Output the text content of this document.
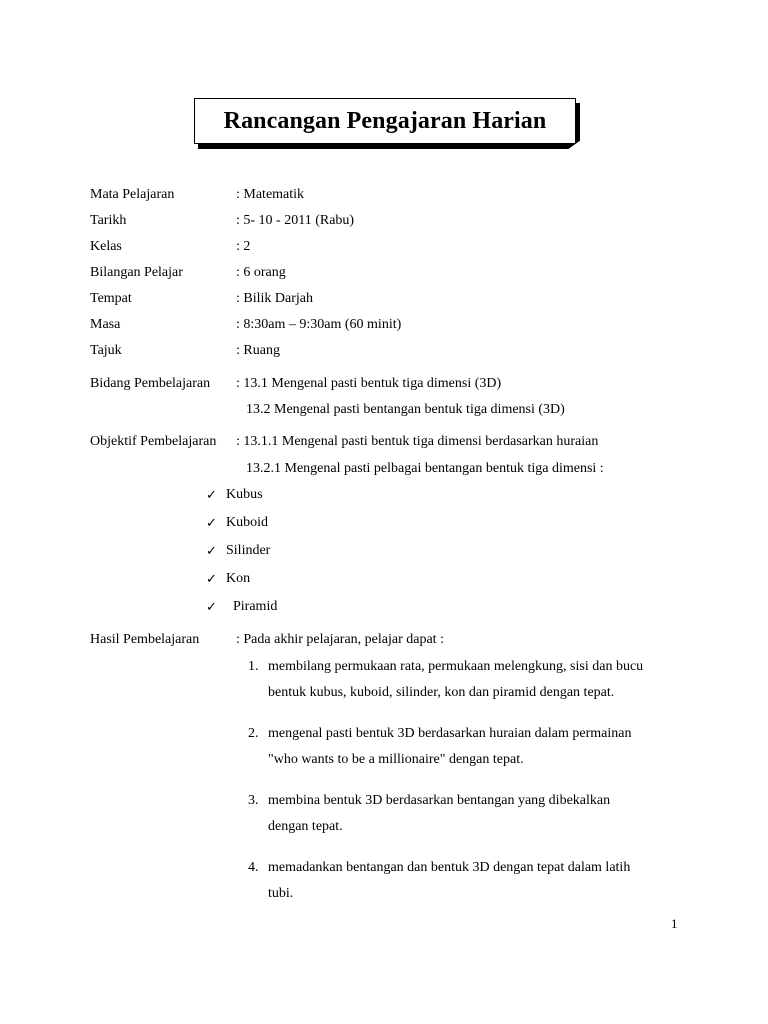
Rancangan Pengajaran Harian
Mata Pelajaran	: Matematik
Tarikh	: 5- 10 - 2011 (Rabu)
Kelas	: 2
Bilangan Pelajar	: 6 orang
Tempat	: Bilik Darjah
Masa	: 8:30am – 9:30am (60 minit)
Tajuk	: Ruang
Bidang Pembelajaran : 13.1 Mengenal pasti bentuk tiga dimensi (3D)
13.2 Mengenal pasti bentangan bentuk tiga dimensi (3D)
Objektif Pembelajaran : 13.1.1 Mengenal pasti bentuk tiga dimensi berdasarkan huraian
13.2.1 Mengenal pasti pelbagai bentangan bentuk tiga dimensi :
✓ Kubus
✓ Kuboid
✓ Silinder
✓ Kon
✓ Piramid
Hasil Pembelajaran	: Pada akhir pelajaran, pelajar dapat :
1. membilang permukaan rata, permukaan melengkung, sisi dan bucu
bentuk kubus, kuboid, silinder, kon dan piramid dengan tepat.
2. mengenal pasti bentuk 3D berdasarkan huraian dalam permainan
"who wants to be a millionaire" dengan tepat.
3. membina bentuk 3D berdasarkan bentangan yang dibekalkan
dengan tepat.
4. memadankan bentangan dan bentuk 3D dengan tepat dalam latih
tubi.
1
